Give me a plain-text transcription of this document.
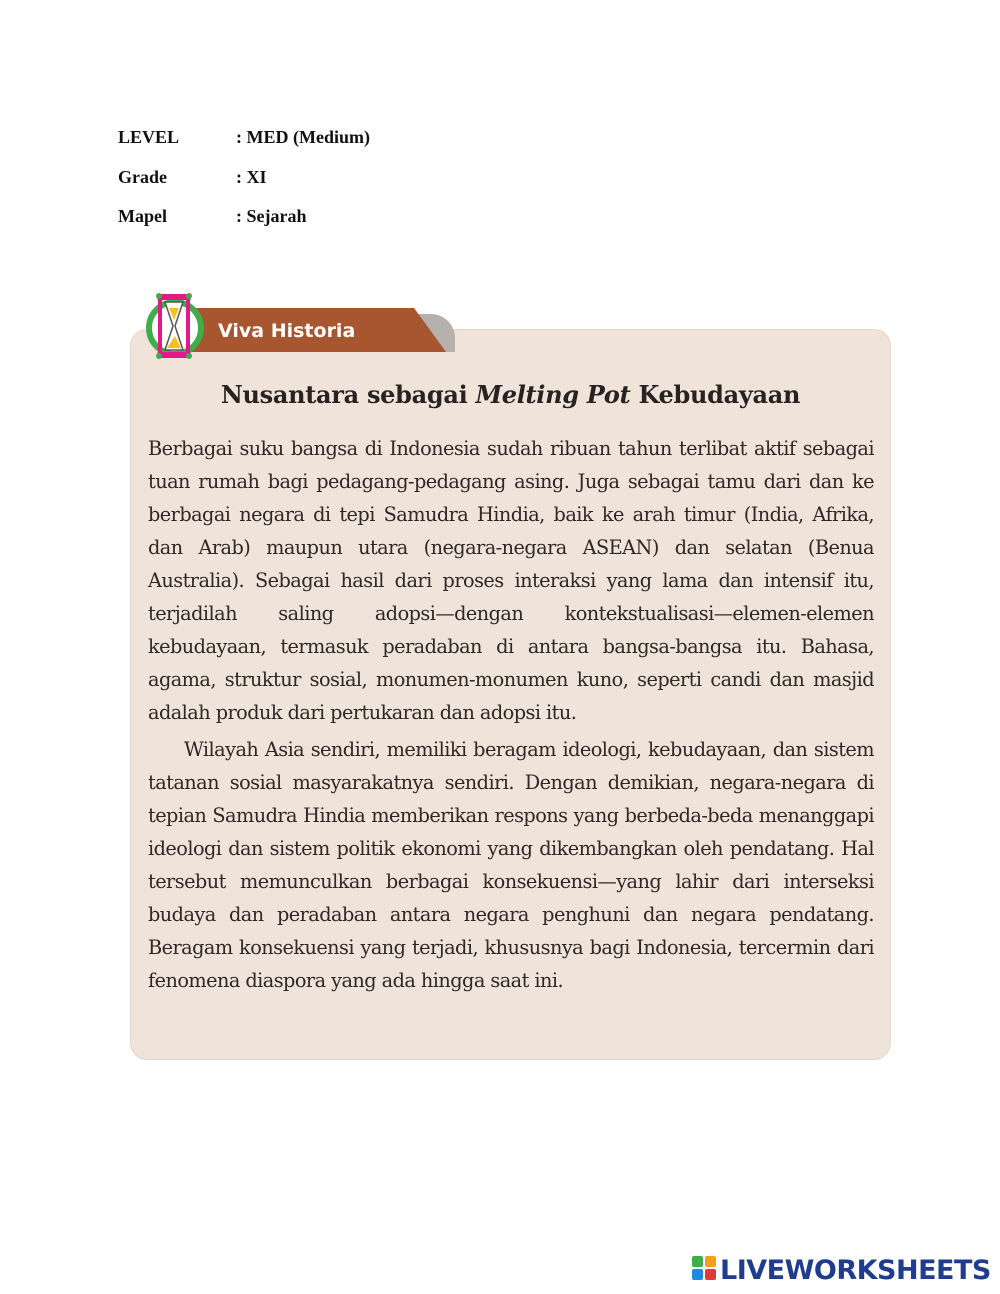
LEVEL	: MED (Medium)
Grade	: XI
Mapel	: Sejarah
Viva Historia
Nusantara sebagai Melting Pot Kebudayaan

Berbagai suku bangsa di Indonesia sudah ribuan tahun terlibat aktif sebagai tuan rumah bagi pedagang-pedagang asing. Juga sebagai tamu dari dan ke berbagai negara di tepi Samudra Hindia, baik ke arah timur (India, Afrika, dan Arab) maupun utara (negara-negara ASEAN) dan selatan (Benua Australia). Sebagai hasil dari proses interaksi yang lama dan intensif itu, terjadilah saling adopsi—dengan kontekstualisasi—elemen-elemen kebudayaan, termasuk peradaban di antara bangsa-bangsa itu. Bahasa, agama, struktur sosial, monumen-monumen kuno, seperti candi dan masjid adalah produk dari pertukaran dan adopsi itu.

Wilayah Asia sendiri, memiliki beragam ideologi, kebudayaan, dan sistem tatanan sosial masyarakatnya sendiri. Dengan demikian, negara-negara di tepian Samudra Hindia memberikan respons yang berbeda-beda menanggapi ideologi dan sistem politik ekonomi yang dikembangkan oleh pendatang. Hal tersebut memunculkan berbagai konsekuensi—yang lahir dari interseksi budaya dan peradaban antara negara penghuni dan negara pendatang. Beragam konsekuensi yang terjadi, khususnya bagi Indonesia, tercermin dari fenomena diaspora yang ada hingga saat ini.

LIVEWORKSHEETS
